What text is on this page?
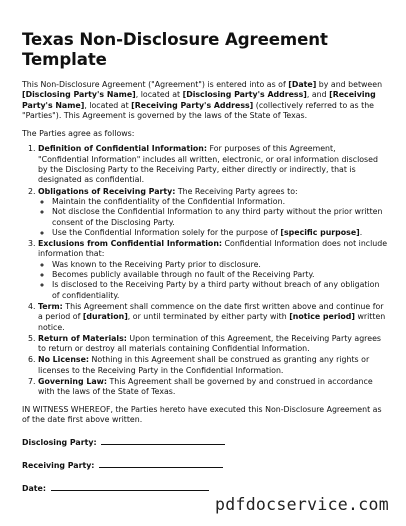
Texas Non-Disclosure Agreement
Template

This Non-Disclosure Agreement ("Agreement") is entered into as of [Date] by and between [Disclosing Party's Name], located at [Disclosing Party's Address], and [Receiving Party's Name], located at [Receiving Party's Address] (collectively referred to as the "Parties"). This Agreement is governed by the laws of the State of Texas.

The Parties agree as follows:

1. Definition of Confidential Information: For purposes of this Agreement, "Confidential Information" includes all written, electronic, or oral information disclosed by the Disclosing Party to the Receiving Party, either directly or indirectly, that is designated as confidential.
2. Obligations of Receiving Party: The Receiving Party agrees to:
◦ Maintain the confidentiality of the Confidential Information.
◦ Not disclose the Confidential Information to any third party without the prior written consent of the Disclosing Party.
◦ Use the Confidential Information solely for the purpose of [specific purpose].
3. Exclusions from Confidential Information: Confidential Information does not include information that:
◦ Was known to the Receiving Party prior to disclosure.
◦ Becomes publicly available through no fault of the Receiving Party.
◦ Is disclosed to the Receiving Party by a third party without breach of any obligation of confidentiality.
4. Term: This Agreement shall commence on the date first written above and continue for a period of [duration], or until terminated by either party with [notice period] written notice.
5. Return of Materials: Upon termination of this Agreement, the Receiving Party agrees to return or destroy all materials containing Confidential Information.
6. No License: Nothing in this Agreement shall be construed as granting any rights or licenses to the Receiving Party in the Confidential Information.
7. Governing Law: This Agreement shall be governed by and construed in accordance with the laws of the State of Texas.

IN WITNESS WHEREOF, the Parties hereto have executed this Non-Disclosure Agreement as of the date first above written.

Disclosing Party:
Receiving Party:
Date:
pdfdocservice.com
